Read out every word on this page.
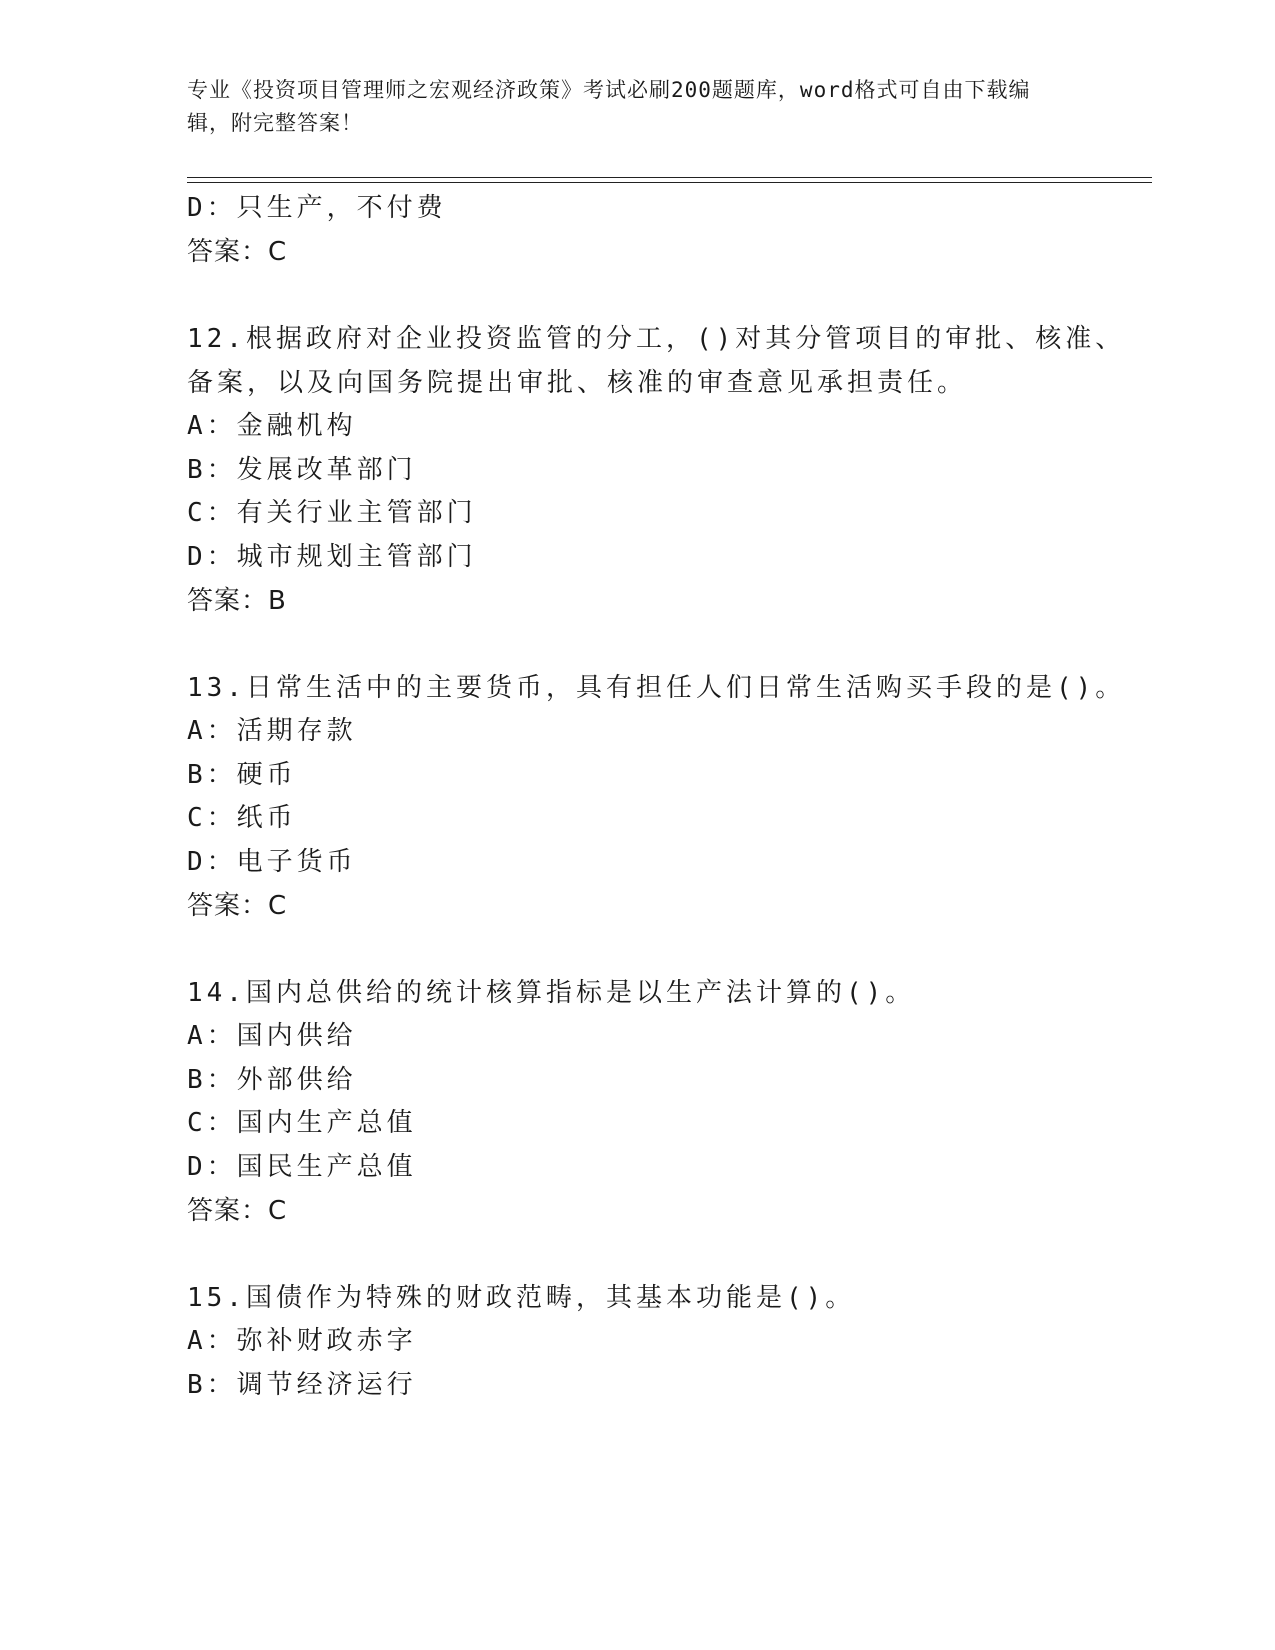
专业《投资项目管理师之宏观经济政策》考试必刷200题题库，word格式可自由下载编辑，附完整答案！
D：只生产，不付费
答案：C
12.根据政府对企业投资监管的分工，()对其分管项目的审批、核准、
备案，以及向国务院提出审批、核准的审查意见承担责任。
A：金融机构
B：发展改革部门
C：有关行业主管部门
D：城市规划主管部门
答案：B
13.日常生活中的主要货币，具有担任人们日常生活购买手段的是()。
A：活期存款
B：硬币
C：纸币
D：电子货币
答案：C
14.国内总供给的统计核算指标是以生产法计算的()。
A：国内供给
B：外部供给
C：国内生产总值
D：国民生产总值
答案：C
15.国债作为特殊的财政范畴，其基本功能是()。
A：弥补财政赤字
B：调节经济运行
